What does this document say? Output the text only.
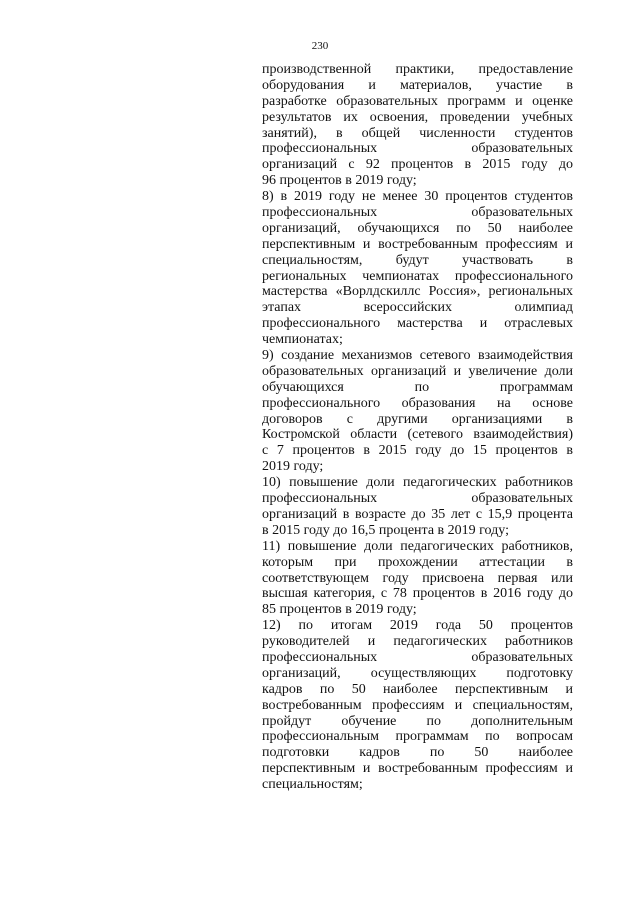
230
производственной практики, предоставление
оборудования и материалов, участие в
разработке образовательных программ и оценке
результатов их освоения, проведении учебных
занятий), в общей численности студентов
профессиональных образовательных
организаций с 92 процентов в 2015 году до
96 процентов в 2019 году;
8) в 2019 году не менее 30 процентов студентов
профессиональных образовательных
организаций, обучающихся по 50 наиболее
перспективным и востребованным профессиям и
специальностям, будут участвовать в
региональных чемпионатах профессионального
мастерства «Ворлдскиллс Россия», региональных
этапах всероссийских олимпиад
профессионального мастерства и отраслевых
чемпионатах;
9) создание механизмов сетевого взаимодействия
образовательных организаций и увеличение доли
обучающихся по программам
профессионального образования на основе
договоров с другими организациями в
Костромской области (сетевого взаимодействия)
с 7 процентов в 2015 году до 15 процентов в
2019 году;
10) повышение доли педагогических работников
профессиональных образовательных
организаций в возрасте до 35 лет с 15,9 процента
в 2015 году до 16,5 процента в 2019 году;
11) повышение доли педагогических работников,
которым при прохождении аттестации в
соответствующем году присвоена первая или
высшая категория, с 78 процентов в 2016 году до
85 процентов в 2019 году;
12) по итогам 2019 года 50 процентов
руководителей и педагогических работников
профессиональных образовательных
организаций, осуществляющих подготовку
кадров по 50 наиболее перспективным и
востребованным профессиям и специальностям,
пройдут обучение по дополнительным
профессиональным программам по вопросам
подготовки кадров по 50 наиболее
перспективным и востребованным профессиям и
специальностям;
